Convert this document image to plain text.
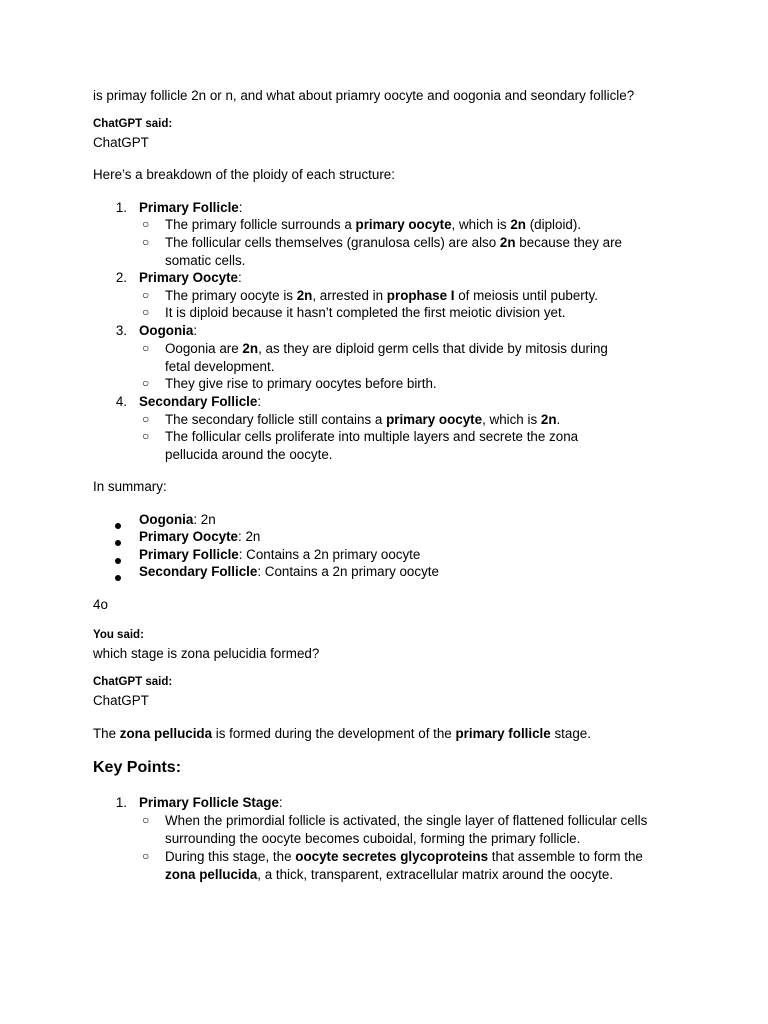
is primay follicle 2n or n, and what about priamry oocyte and oogonia and seondary follicle?
ChatGPT said:
ChatGPT
Here’s a breakdown of the ploidy of each structure:
1. Primary Follicle:
○ The primary follicle surrounds a primary oocyte, which is 2n (diploid).
○ The follicular cells themselves (granulosa cells) are also 2n because they are somatic cells.
2. Primary Oocyte:
○ The primary oocyte is 2n, arrested in prophase I of meiosis until puberty.
○ It is diploid because it hasn’t completed the first meiotic division yet.
3. Oogonia:
○ Oogonia are 2n, as they are diploid germ cells that divide by mitosis during fetal development.
○ They give rise to primary oocytes before birth.
4. Secondary Follicle:
○ The secondary follicle still contains a primary oocyte, which is 2n.
○ The follicular cells proliferate into multiple layers and secrete the zona pellucida around the oocyte.
In summary:
Oogonia: 2n
Primary Oocyte: 2n
Primary Follicle: Contains a 2n primary oocyte
Secondary Follicle: Contains a 2n primary oocyte
4o
You said:
which stage is zona pelucidia formed?
ChatGPT said:
ChatGPT
The zona pellucida is formed during the development of the primary follicle stage.
Key Points:
1. Primary Follicle Stage:
○ When the primordial follicle is activated, the single layer of flattened follicular cells surrounding the oocyte becomes cuboidal, forming the primary follicle.
○ During this stage, the oocyte secretes glycoproteins that assemble to form the zona pellucida, a thick, transparent, extracellular matrix around the oocyte.
